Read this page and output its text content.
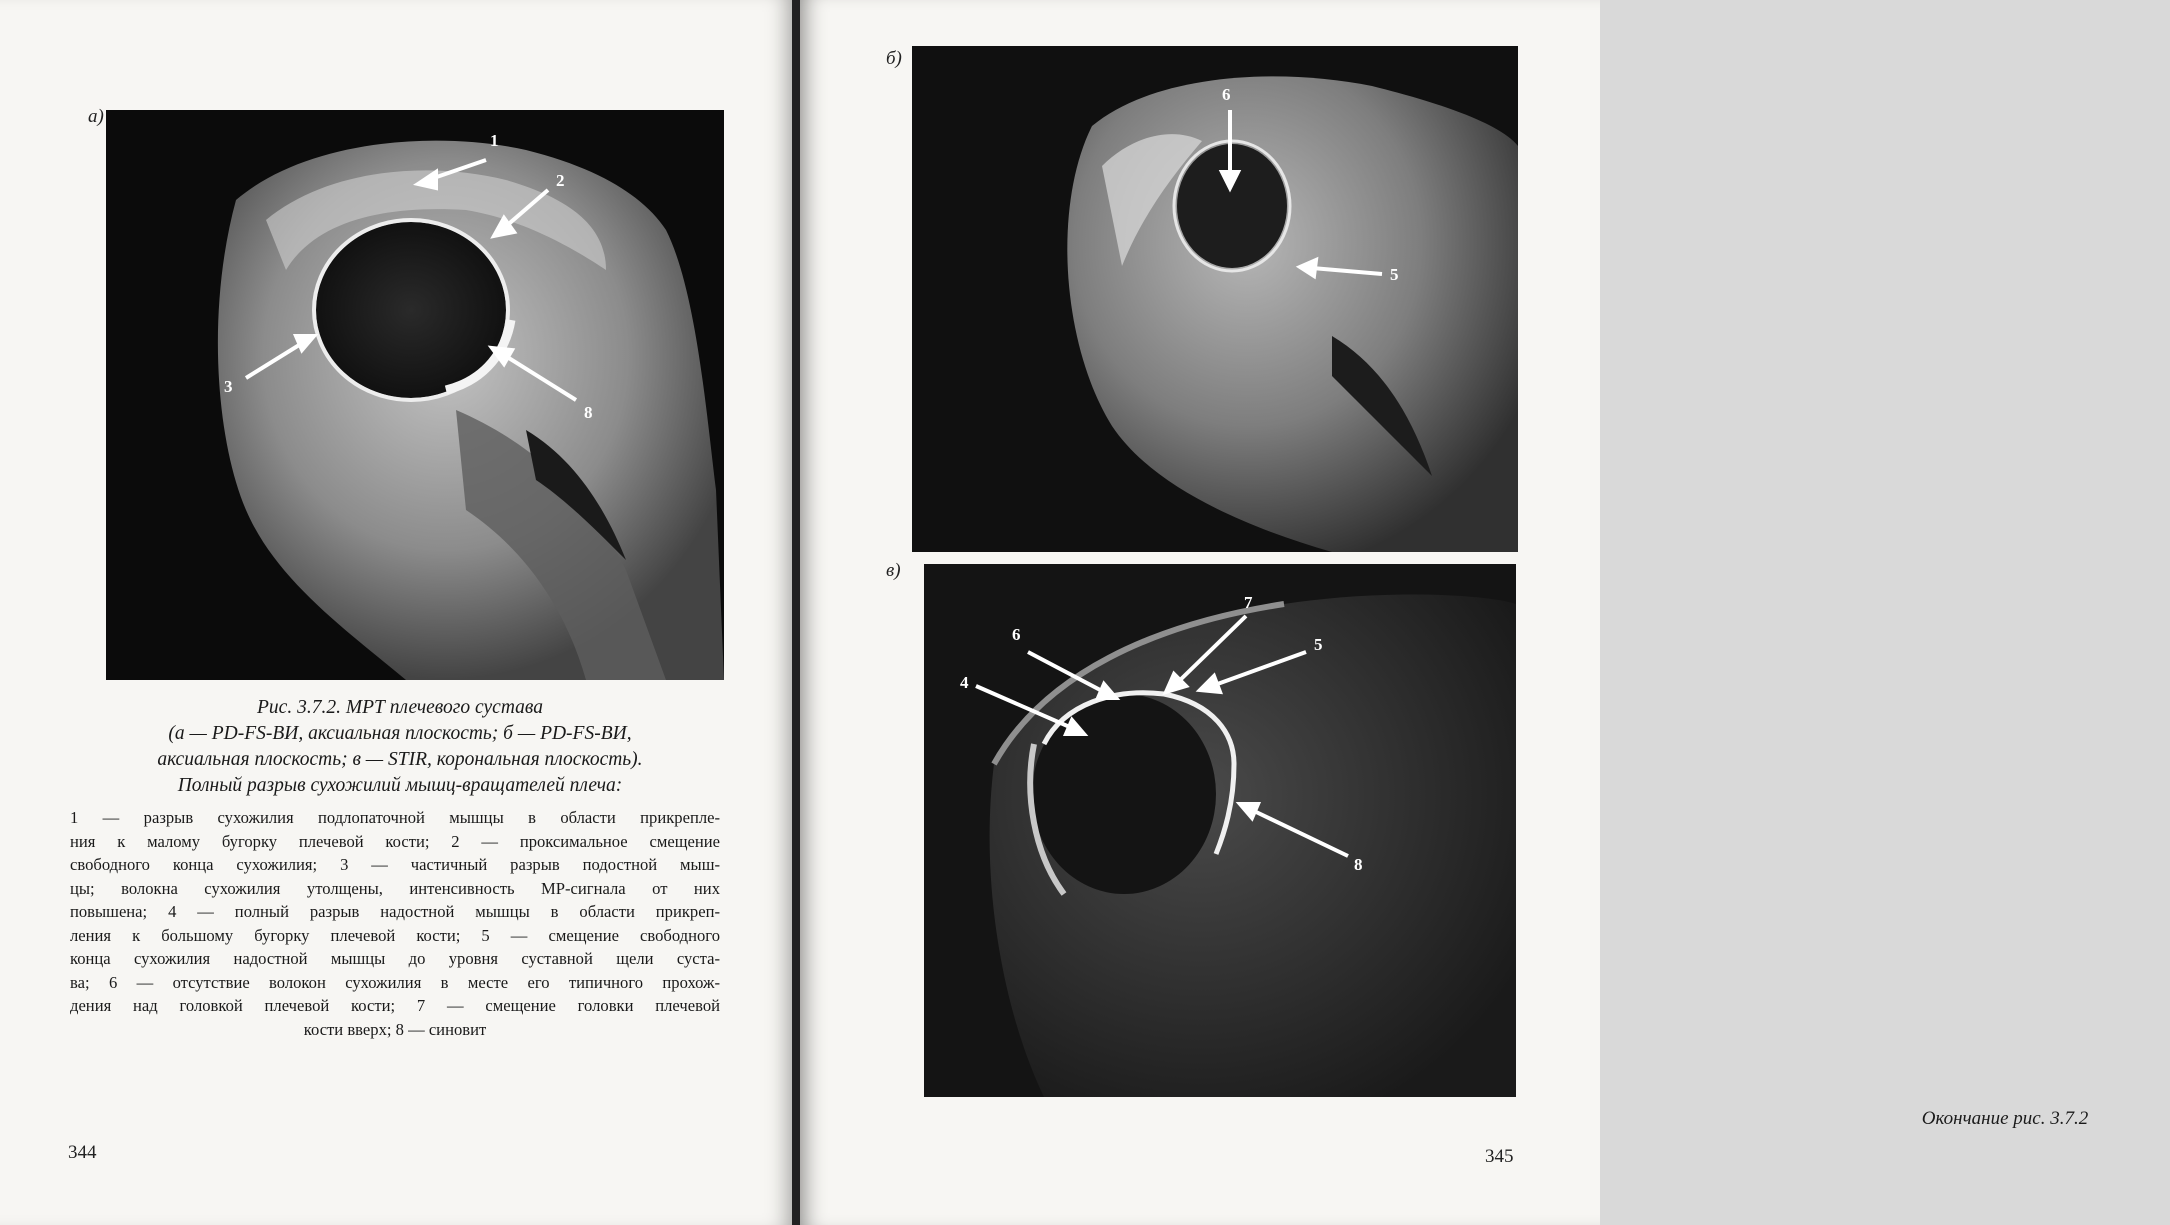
а)
1
2
3
8
Рис. 3.7.2. МРТ плечевого сустава
(а — PD-FS-ВИ, аксиальная плоскость; б — PD-FS-ВИ,
аксиальная плоскость; в — STIR, корональная плоскость).
Полный разрыв сухожилий мышц-вращателей плеча:
1 — разрыв сухожилия подлопаточной мышцы в области прикрепле-
ния к малому бугорку плечевой кости; 2 — проксимальное смещение
свободного конца сухожилия; 3 — частичный разрыв подостной мыш-
цы; волокна сухожилия утолщены, интенсивность МР-сигнала от них
повышена; 4 — полный разрыв надостной мышцы в области прикреп-
ления к большому бугорку плечевой кости; 5 — смещение свободного
конца сухожилия надостной мышцы до уровня суставной щели суста-
ва; 6 — отсутствие волокон сухожилия в месте его типичного прохож-
дения над головкой плечевой кости; 7 — смещение головки плечевой
кости вверх; 8 — синовит
344
б)
6
5
в)
7
6
5
4
8
Окончание рис. 3.7.2
345
